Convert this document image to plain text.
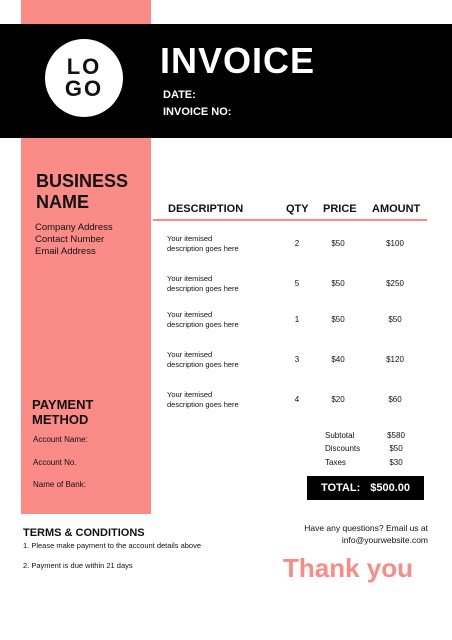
LO
GO
INVOICE
DATE:
INVOICE NO:
BUSINESS NAME
Company Address
Contact Number
Email Address
DESCRIPTION	QTY PRICE AMOUNT
Your itemised
description goes here
2	$50	$100
Your itemised
description goes here
5	$50	$250
Your itemised
description goes here
1	$50	$50
Your itemised
description goes here
3	$40	$120
Your itemised
description goes here
4	$20	$60
Subtotal	$580
Discounts	$50
Taxes	$30
TOTAL: $500.00
PAYMENT METHOD
Account Name:
Account No.
Name of Bank:
TERMS & CONDITIONS
1. Please make payment to the account details above
2. Payment is due within 21 days
Have any questions? Email us at
info@yourwebsite.com
Thank you
